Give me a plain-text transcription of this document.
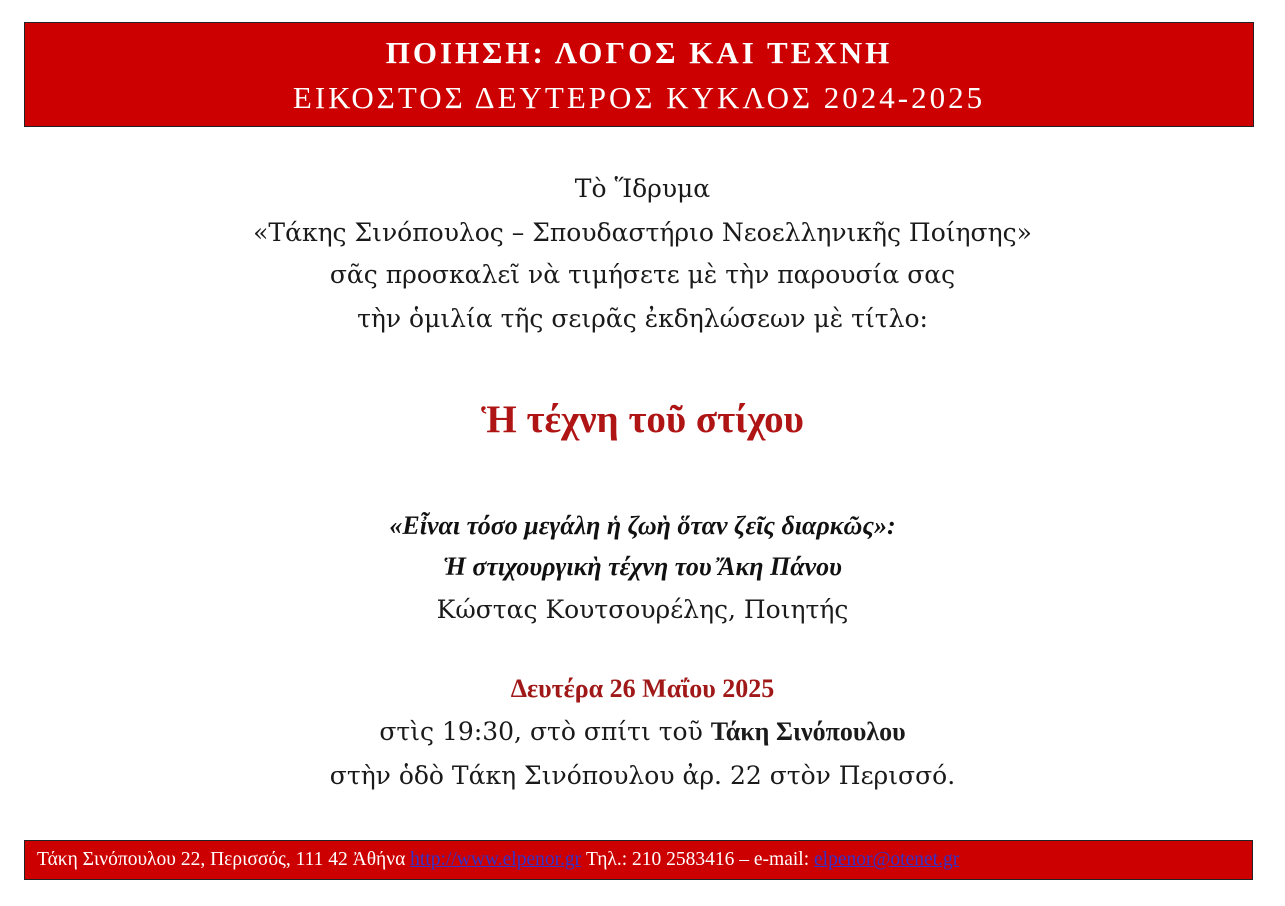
ΠΟΙΗΣΗ: ΛΟΓΟΣ ΚΑΙ ΤΕΧΝΗ
ΕΙΚΟΣΤΟΣ ΔΕΥΤΕΡΟΣ ΚΥΚΛΟΣ 2024-2025
Τὸ Ἵδρυμα
«Τάκης Σινόπουλος – Σπουδαστήριο Νεοελληνικῆς Ποίησης»
σᾶς προσκαλεῖ νὰ τιμήσετε μὲ τὴν παρουσία σας
τὴν ὁμιλία τῆς σειρᾶς ἐκδηλώσεων μὲ τίτλο:
Ἡ τέχνη τοῦ στίχου
«Εἶναι τόσο μεγάλη ἡ ζωὴ ὅταν ζεῖς διαρκῶς»:
Ἡ στιχουργικὴ τέχνη του Ἄκη Πάνου
Κώστας Κουτσουρέλης, Ποιητής
Δευτέρα 26 Μαΐου 2025
στὶς 19:30, στὸ σπίτι τοῦ Τάκη Σινόπουλου
στὴν ὁδὸ Τάκη Σινόπουλου ἀρ. 22 στὸν Περισσό.
Τάκη Σινόπουλου 22, Περισσός, 111 42 Ἀθήνα http://www.elpenor.gr Τηλ.: 210 2583416 – e-mail: elpenor@otenet.gr
